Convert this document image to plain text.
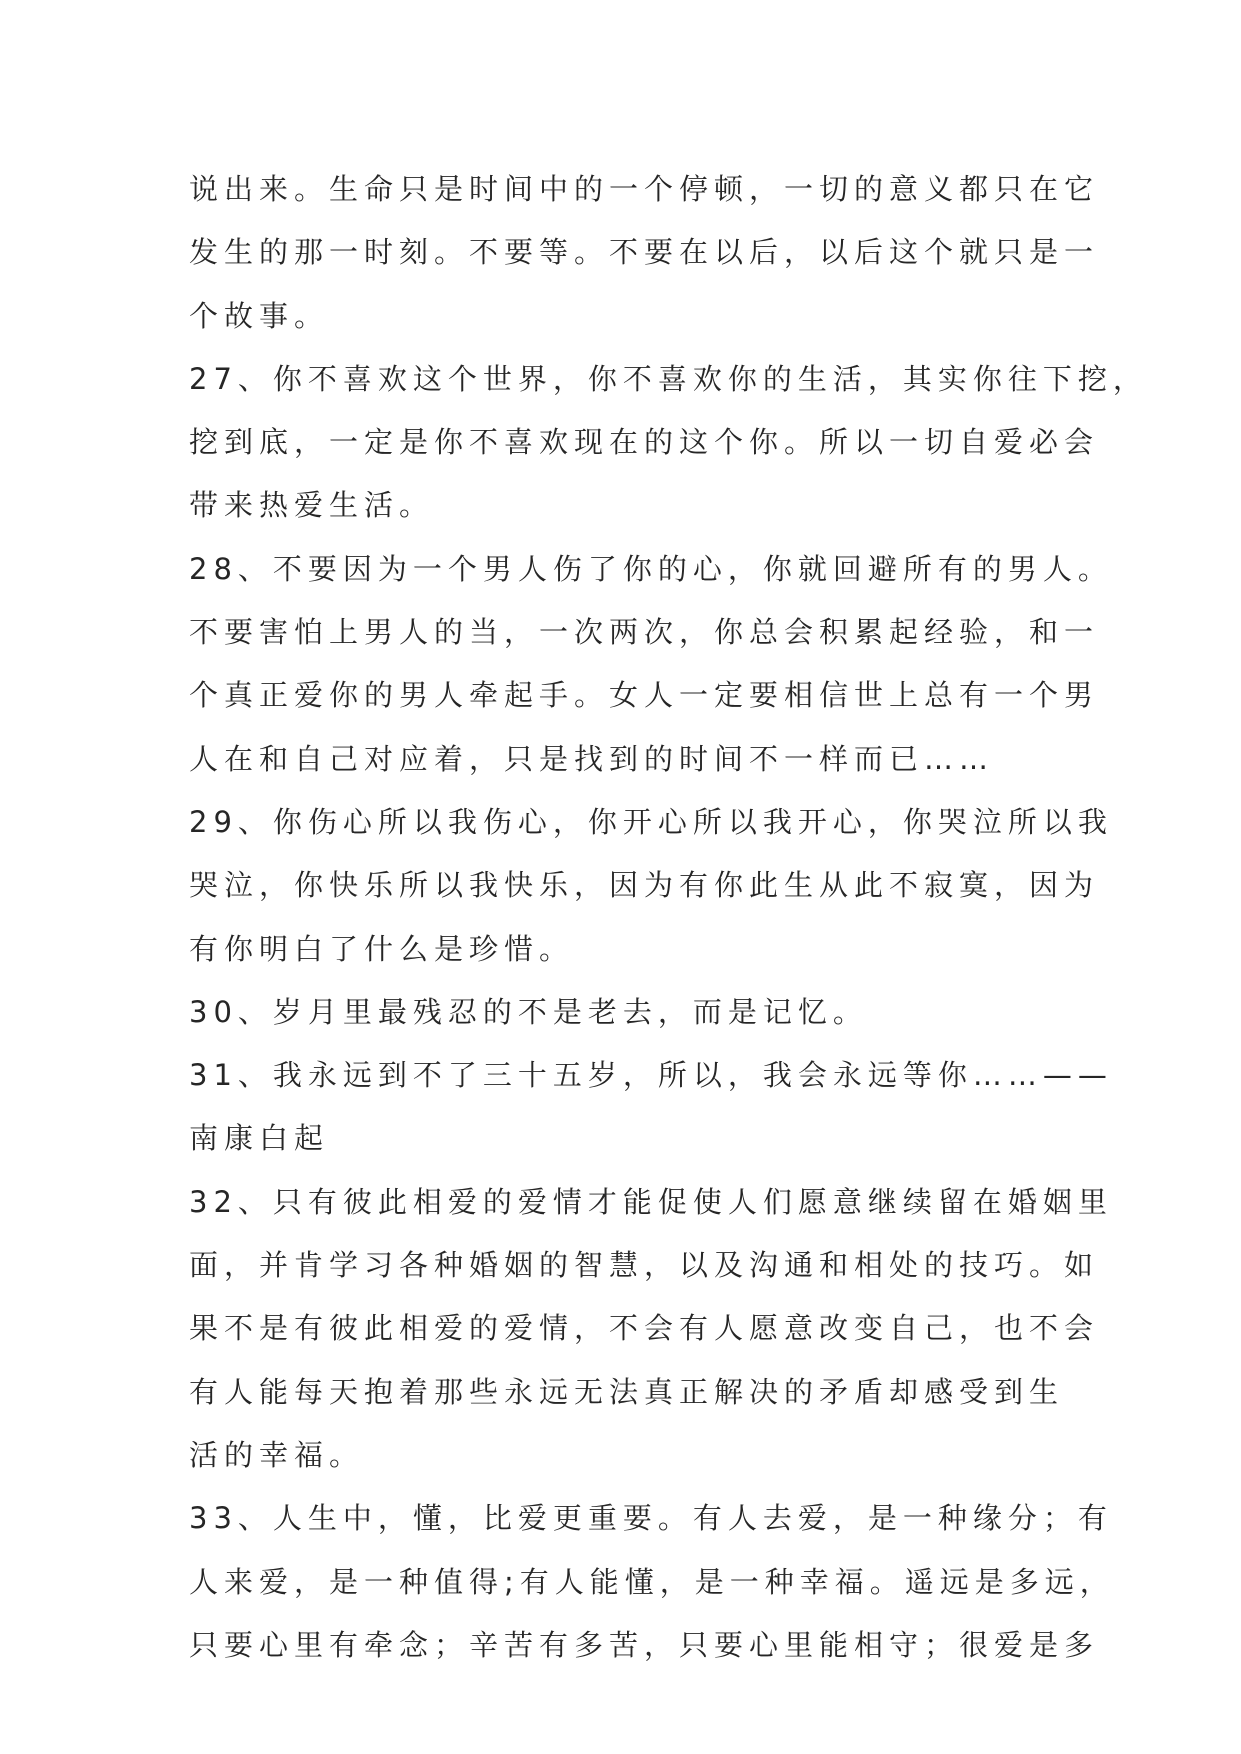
说出来。生命只是时间中的一个停顿，一切的意义都只在它
发生的那一时刻。不要等。不要在以后，以后这个就只是一
个故事。
27、你不喜欢这个世界，你不喜欢你的生活，其实你往下挖，
挖到底，一定是你不喜欢现在的这个你。所以一切自爱必会
带来热爱生活。
28、不要因为一个男人伤了你的心，你就回避所有的男人。
不要害怕上男人的当，一次两次，你总会积累起经验，和一
个真正爱你的男人牵起手。女人一定要相信世上总有一个男
人在和自己对应着，只是找到的时间不一样而已……
29、你伤心所以我伤心，你开心所以我开心，你哭泣所以我
哭泣，你快乐所以我快乐，因为有你此生从此不寂寞，因为
有你明白了什么是珍惜。
30、岁月里最残忍的不是老去，而是记忆。
31、我永远到不了三十五岁，所以，我会永远等你……——
南康白起
32、只有彼此相爱的爱情才能促使人们愿意继续留在婚姻里
面，并肯学习各种婚姻的智慧，以及沟通和相处的技巧。如
果不是有彼此相爱的爱情，不会有人愿意改变自己，也不会
有人能每天抱着那些永远无法真正解决的矛盾却感受到生
活的幸福。
33、人生中，懂，比爱更重要。有人去爱，是一种缘分；有
人来爱，是一种值得;有人能懂，是一种幸福。遥远是多远，
只要心里有牵念；辛苦有多苦，只要心里能相守；很爱是多
